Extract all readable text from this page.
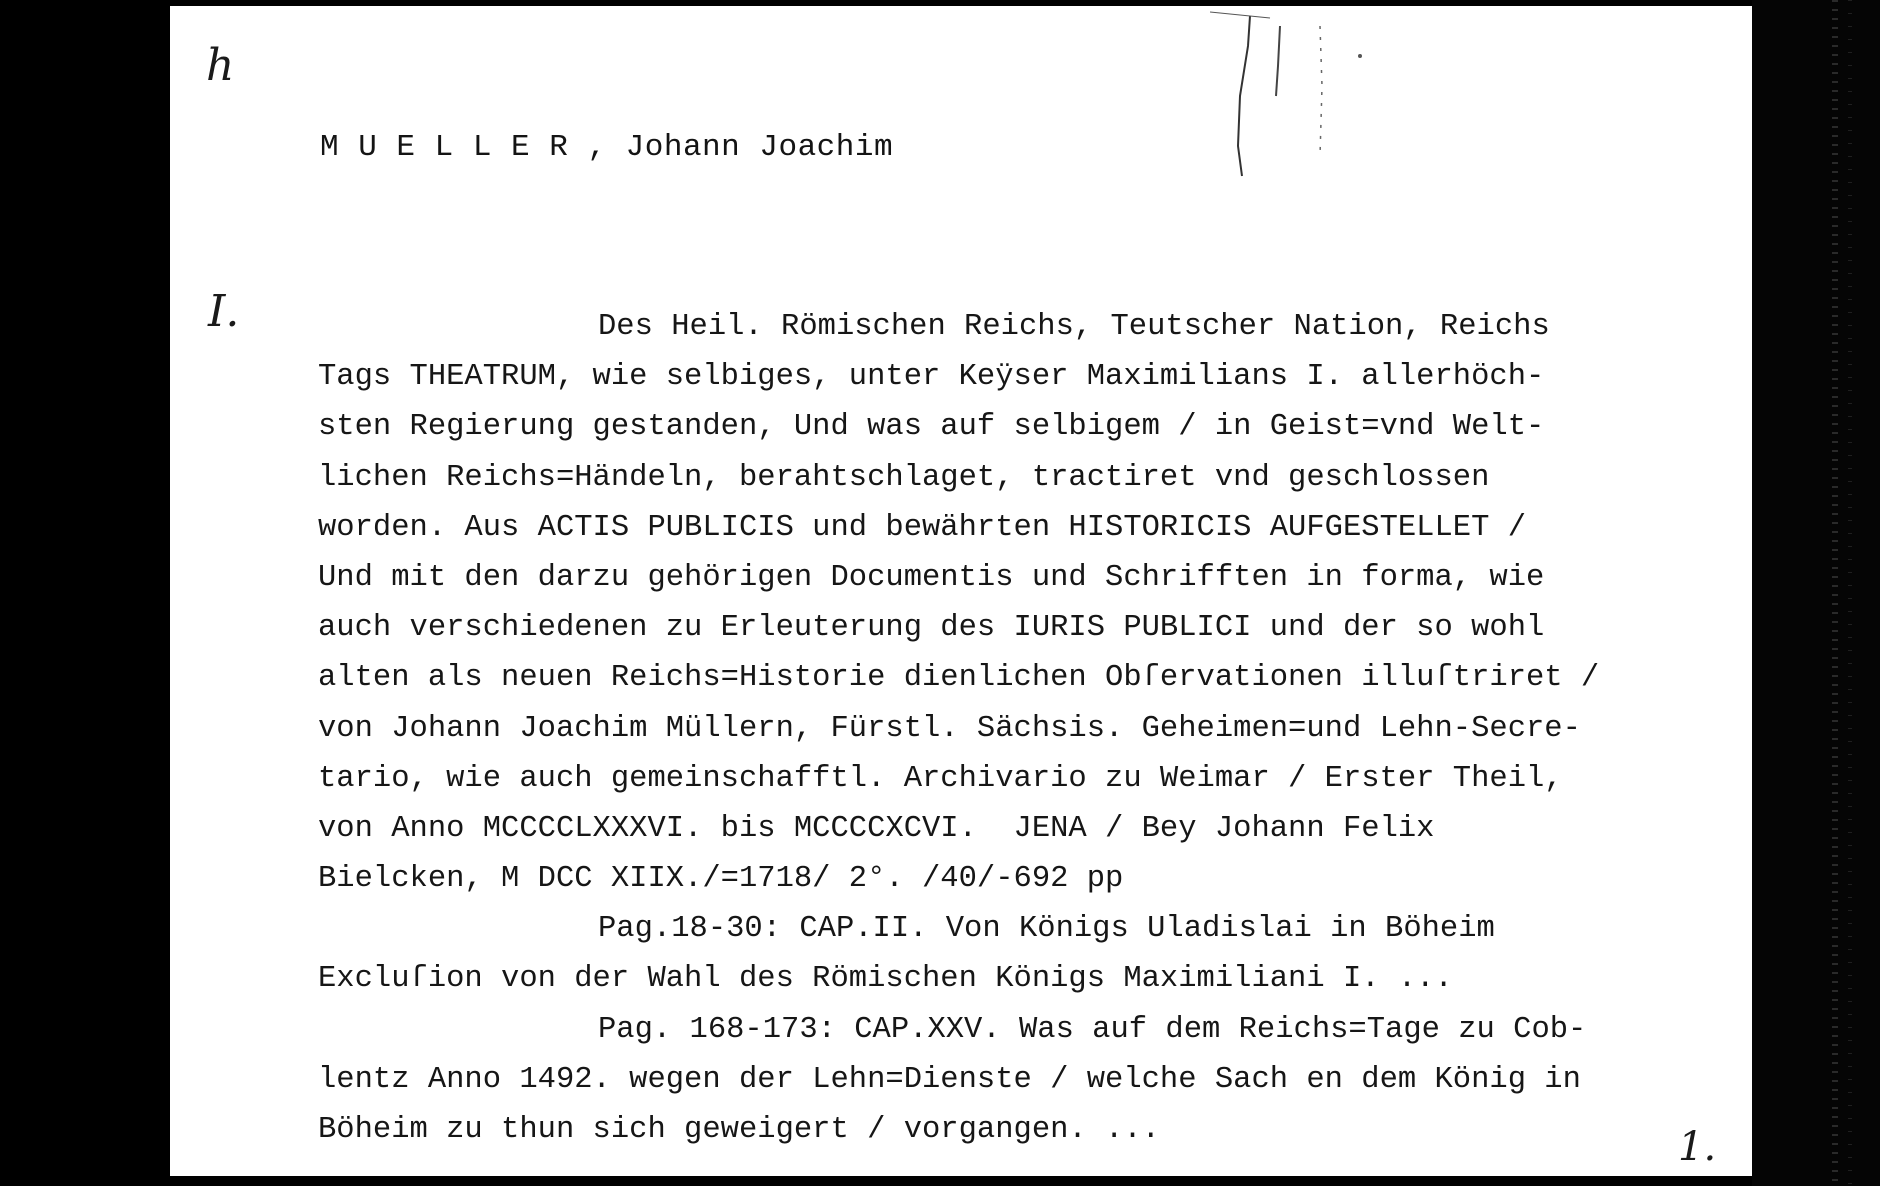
h
I.
1.
M U E L L E R , Johann Joachim
Des Heil. Römischen Reichs, Teutscher Nation, Reichs
Tags THEATRUM, wie selbiges, unter Keÿser Maximilians I. allerhöch-
sten Regierung gestanden, Und was auf selbigem / in Geist=vnd Welt-
lichen Reichs=Händeln, berahtschlaget, tractiret vnd geschlossen
worden. Aus ACTIS PUBLICIS und bewährten HISTORICIS AUFGESTELLET /
Und mit den darzu gehörigen Documentis und Schrifften in forma, wie
auch verschiedenen zu Erleuterung des IURIS PUBLICI und der so wohl
alten als neuen Reichs=Historie dienlichen Obſervationen illuſtriret /
von Johann Joachim Müllern, Fürstl. Sächsis. Geheimen=und Lehn-Secre-
tario, wie auch gemeinschafftl. Archivario zu Weimar / Erster Theil,
von Anno MCCCCLXXXVI. bis MCCCCXCVI.  JENA / Bey Johann Felix
Bielcken, M DCC XIIX./=1718/ 2°. /40/-692 pp
Pag.18-30: CAP.II. Von Königs Uladislai in Böheim
Excluſion von der Wahl des Römischen Königs Maximiliani I. ...
Pag. 168-173: CAP.XXV. Was auf dem Reichs=Tage zu Cob-
lentz Anno 1492. wegen der Lehn=Dienste / welche Sach en dem König in
Böheim zu thun sich geweigert / vorgangen. ...
